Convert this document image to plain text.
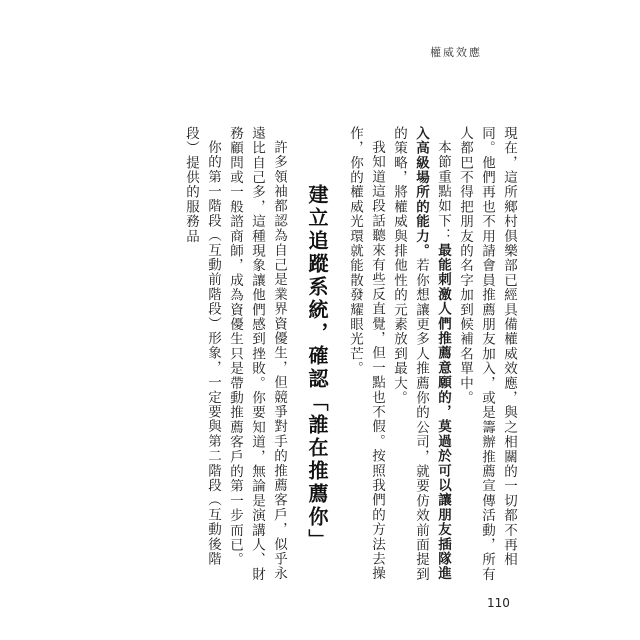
權威效應

現在，這所鄉村俱樂部已經具備權威效應，與之相關的一切都不再相同。他們再也不用請會員推薦朋友加入，或是籌辦推薦宣傳活動，所有人都巴不得把朋友的名字加到候補名單中。

本節重點如下：最能刺激人們推薦意願的，莫過於可以讓朋友插隊進入高級場所的能力。若你想讓更多人推薦你的公司，就要仿效前面提到的策略，將權威與排他性的元素放到最大。

我知道這段話聽來有些反直覺，但一點也不假。按照我們的方法去操作，你的權威光環就能散發耀眼光芒。

建立追蹤系統，確認「誰在推薦你」

許多領袖都認為自己是業界資優生，但競爭對手的推薦客戶，似乎永遠比自己多，這種現象讓他們感到挫敗。你要知道，無論是演講人、財務顧問或一般諮商師，成為資優生只是帶動推薦客戶的第一步而已。

你的第一階段（互動前階段）形象，一定要與第二階段（互動後階段）提供的服務品

110
